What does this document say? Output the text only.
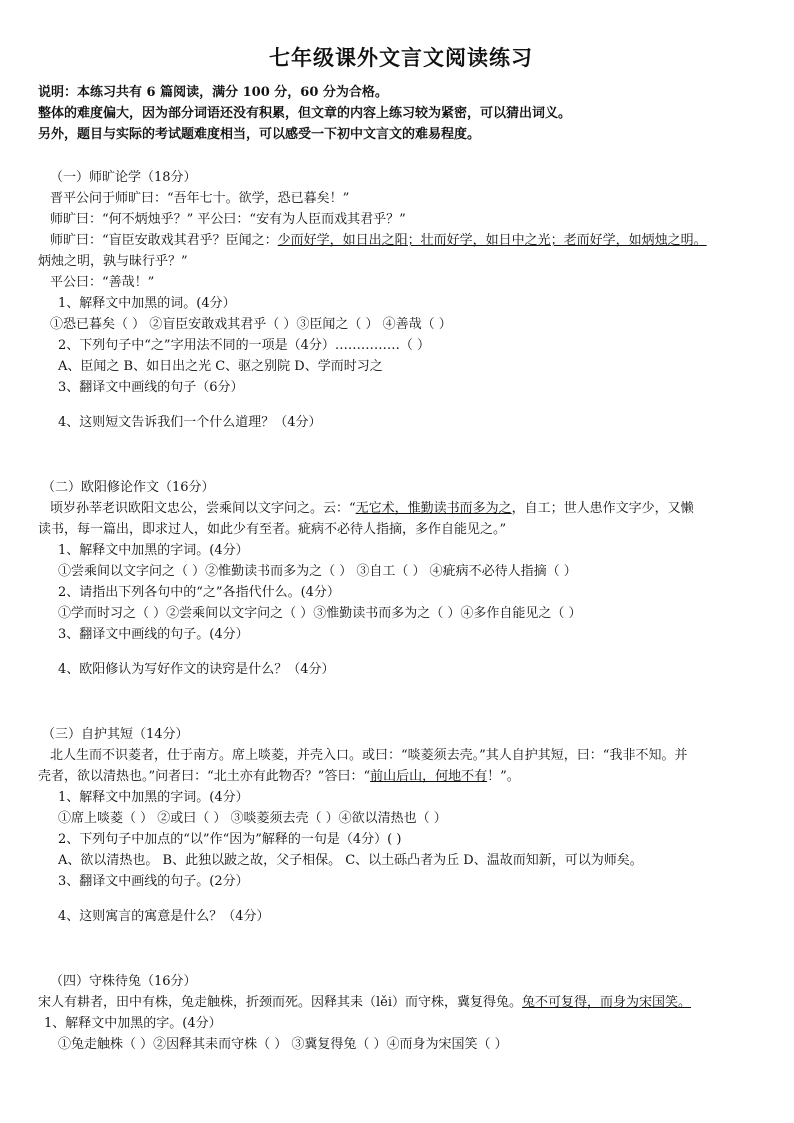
七年级课外文言文阅读练习

说明：本练习共有 6 篇阅读，满分 100 分，60 分为合格。

整体的难度偏大，因为部分词语还没有积累，但文章的内容上练习较为紧密，可以猜出词义。

另外，题目与实际的考试题难度相当，可以感受一下初中文言文的难易程度。

（一）师旷论学（18分）

晋平公问于师旷曰：“吾年七十。欲学，恐已暮矣！”

师旷曰：“何不炳烛乎？” 平公曰：“安有为人臣而戏其君乎？”

师旷曰：“盲臣安敢戏其君乎？臣闻之：少而好学，如日出之阳；壮而好学，如日中之光；老而好学，如炳烛之明。

炳烛之明，孰与昧行乎？”

平公曰：“善哉！”

1、解释文中加黑的词。(4分）

①恐已暮矣（ ） ②盲臣安敢戏其君乎（ ）③臣闻之（ ） ④善哉（ ）

2、下列句子中“之”字用法不同的一项是（4分）……………（ ）

A、臣闻之 B、如日出之光 C、驱之别院 D、学而时习之

3、翻译文中画线的句子（6分）

4、这则短文告诉我们一个什么道理？（4分）

（二）欧阳修论作文（16分）

顷岁孙莘老识欧阳文忠公，尝乘间以文字问之。云：“无它术，惟勤读书而多为之，自工；世人患作文字少，又懒

读书，每一篇出，即求过人，如此少有至者。疵病不必待人指摘，多作自能见之。”

1、解释文中加黑的字词。(4分）

①尝乘间以文字问之（ ）②惟勤读书而多为之（ ） ③自工（ ） ④疵病不必待人指摘（ ）

2、请指出下列各句中的“之”各指代什么。(4分）

①学而时习之（ ）②尝乘间以文字问之（ ）③惟勤读书而多为之（ ）④多作自能见之（ ）

3、翻译文中画线的句子。(4分）

4、欧阳修认为写好作文的诀窍是什么？（4分）

（三）自护其短（14分）

北人生而不识菱者，仕于南方。席上啖菱，并壳入口。或曰：“啖菱须去壳。”其人自护其短，曰：“我非不知。并

壳者，欲以清热也。”问者曰：“北土亦有此物否？”答曰：“前山后山，何地不有！”。

1、解释文中加黑的字词。(4分）

①席上啖菱（ ） ②或曰（ ） ③啖菱须去壳（ ）④欲以清热也（ ）

2、下列句子中加点的“以”作“因为”解释的一句是（4分）( )

A、欲以清热也。 B、此独以跛之故，父子相保。 C、以土砾凸者为丘 D、温故而知新，可以为师矣。

3、翻译文中画线的句子。(2分）

4、这则寓言的寓意是什么？（4分）

（四）守株待兔（16分）

宋人有耕者，田中有株，兔走触株，折颈而死。因释其耒（lěi）而守株，冀复得兔。兔不可复得，而身为宋国笑。

1、解释文中加黑的字。(4分）

①兔走触株（ ）②因释其耒而守株（ ） ③冀复得兔（ ）④而身为宋国笑（ ）
